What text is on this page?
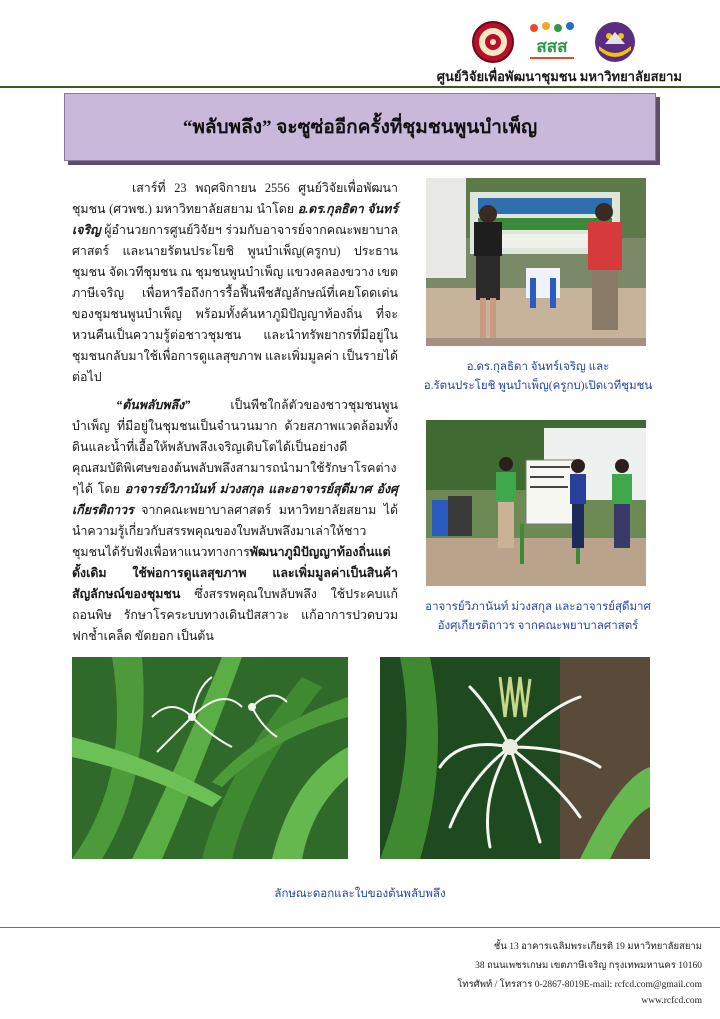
สสส
ศูนย์วิจัยเพื่อพัฒนาชุมชน มหาวิทยาลัยสยาม
“พลับพลึง” จะซูซ่ออีกครั้งที่ชุมชนพูนบำเพ็ญ

เสาร์ที่ 23 พฤศจิกายน 2556 ศูนย์วิจัยเพื่อพัฒนาชุมชน (ศวพช.) มหาวิทยาลัยสยาม นำโดย อ.ดร.กุลธิดา จันทร์เจริญ ผู้อำนวยการศูนย์วิจัยฯ ร่วมกับอาจารย์จากคณะพยาบาลศาสตร์ และนายรัตนประโยชิ พูนบำเพ็ญ(ครูกบ) ประธานชุมชน จัดเวทีชุมชน ณ ชุมชนพูนบำเพ็ญ แขวงคลองขวาง เขตภาษีเจริญ เพื่อหารือถึงการรื้อฟื้นพืชสัญลักษณ์ที่เคยโดดเด่นของชุมชนพูนบำเพ็ญ พร้อมทั้งค้นหาภูมิปัญญาท้องถิ่น ที่จะหวนคืนเป็นความรู้ต่อชาวชุมชน และนำทรัพยากรที่มีอยู่ในชุมชนกลับมาใช้เพื่อการดูแลสุขภาพ และเพิ่มมูลค่า เป็นรายได้ต่อไป

“ต้นพลับพลึง” เป็นพืชใกล้ตัวของชาวชุมชนพูนบำเพ็ญ ที่มีอยู่ในชุมชนเป็นจำนวนมาก ด้วยสภาพแวดล้อมทั้งดินและน้ำที่เอื้อให้พลับพลึงเจริญเติบโตได้เป็นอย่างดี คุณสมบัติพิเศษของต้นพลับพลึงสามารถนำมาใช้รักษาโรคต่าง ๆได้ โดย อาจารย์วิภานันท์ ม่วงสกุล และอาจารย์สุดีมาศ อังศุเกียรติถาวร จากคณะพยาบาลศาสตร์ มหาวิทยาลัยสยาม ได้นำความรู้เกี่ยวกับสรรพคุณของใบพลับพลึงมาเล่าให้ชาวชุมชนได้รับฟังเพื่อหาแนวทางการพัฒนาภูมิปัญญาท้องถิ่นแต่ดั้งเดิม ใช้พ่อการดูแลสุขภาพ และเพิ่มมูลค่าเป็นสินค้าสัญลักษณ์ของชุมชน ซึ่งสรรพคุณใบพลับพลึง ใช้ประคบแก้ถอนพิษ รักษาโรคระบบทางเดินปัสสาวะ แก้อาการปวดบวม ฟกช้ำเคล็ด ขัดยอก เป็นต้น

อ.ดร.กุลธิดา จันทร์เจริญ และ
อ.รัตนประโยชิ พูนบำเพ็ญ(ครูกบ)เปิดเวทีชุมชน
อาจารย์วิภานันท์ ม่วงสกุล และอาจารย์สุดีมาศ
อังศุเกียรติถาวร จากคณะพยาบาลศาสตร์
ลักษณะดอกและใบของต้นพลับพลึง
ชั้น 13 อาคารเฉลิมพระเกียรติ 19 มหาวิทยาลัยสยาม
38 ถนนเพชรเกษม เขตภาษีเจริญ กรุงเทพมหานคร 10160
โทรศัพท์ / โทรสาร 0-2867-8019E-mail: rcfcd.com@gmail.com
www.rcfcd.com
